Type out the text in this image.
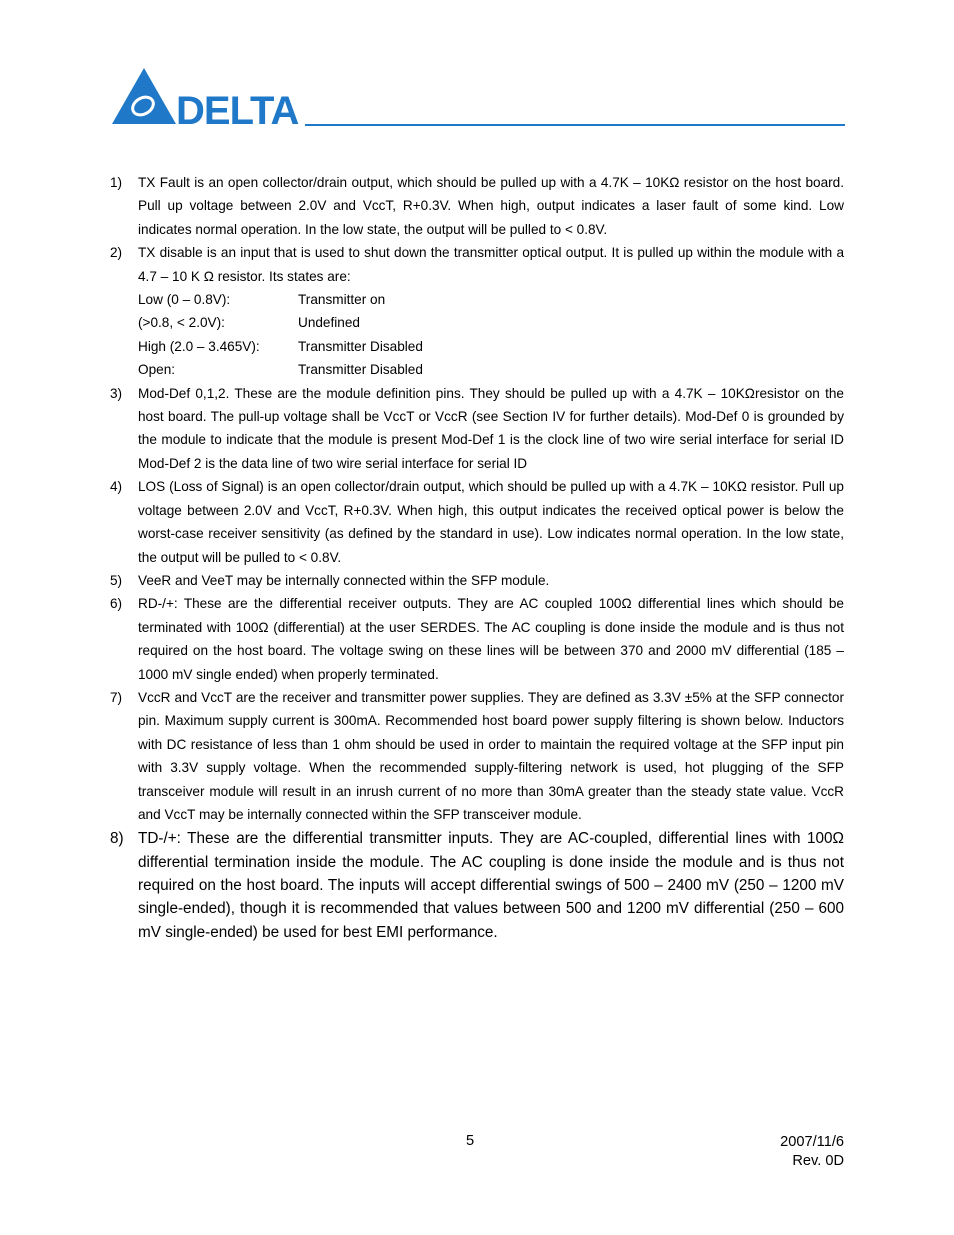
DELTA
1) TX Fault is an open collector/drain output, which should be pulled up with a 4.7K – 10KΩ resistor on the host board. Pull up voltage between 2.0V and VccT, R+0.3V. When high, output indicates a laser fault of some kind. Low indicates normal operation. In the low state, the output will be pulled to < 0.8V.
2) TX disable is an input that is used to shut down the transmitter optical output. It is pulled up within the module with a 4.7 – 10 K Ω resistor. Its states are:
Low (0 – 0.8V):	Transmitter on
(>0.8, < 2.0V):	Undefined
High (2.0 – 3.465V):	Transmitter Disabled
Open:	Transmitter Disabled
3) Mod-Def 0,1,2. These are the module definition pins. They should be pulled up with a 4.7K – 10KΩresistor on the host board. The pull-up voltage shall be VccT or VccR (see Section IV for further details). Mod-Def 0 is grounded by the module to indicate that the module is present Mod-Def 1 is the clock line of two wire serial interface for serial ID Mod-Def 2 is the data line of two wire serial interface for serial ID
4) LOS (Loss of Signal) is an open collector/drain output, which should be pulled up with a 4.7K – 10KΩ resistor. Pull up voltage between 2.0V and VccT, R+0.3V. When high, this output indicates the received optical power is below the worst-case receiver sensitivity (as defined by the standard in use). Low indicates normal operation. In the low state, the output will be pulled to < 0.8V.
5) VeeR and VeeT may be internally connected within the SFP module.
6) RD-/+: These are the differential receiver outputs. They are AC coupled 100Ω differential lines which should be terminated with 100Ω (differential) at the user SERDES. The AC coupling is done inside the module and is thus not required on the host board. The voltage swing on these lines will be between 370 and 2000 mV differential (185 – 1000 mV single ended) when properly terminated.
7) VccR and VccT are the receiver and transmitter power supplies. They are defined as 3.3V ±5% at the SFP connector pin. Maximum supply current is 300mA. Recommended host board power supply filtering is shown below. Inductors with DC resistance of less than 1 ohm should be used in order to maintain the required voltage at the SFP input pin with 3.3V supply voltage. When the recommended supply-filtering network is used, hot plugging of the SFP transceiver module will result in an inrush current of no more than 30mA greater than the steady state value. VccR and VccT may be internally connected within the SFP transceiver module.
8) TD-/+: These are the differential transmitter inputs. They are AC-coupled, differential lines with 100Ω differential termination inside the module. The AC coupling is done inside the module and is thus not required on the host board. The inputs will accept differential swings of 500 – 2400 mV (250 – 1200 mV single-ended), though it is recommended that values between 500 and 1200 mV differential (250 – 600 mV single-ended) be used for best EMI performance.
5	2007/11/6
Rev. 0D
